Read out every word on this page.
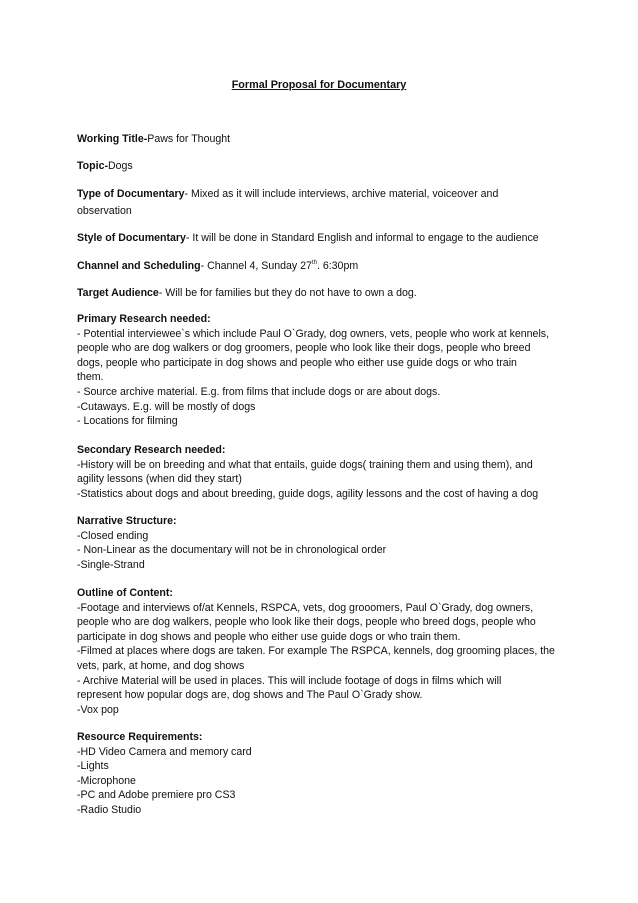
Formal Proposal for Documentary
Working Title-Paws for Thought
Topic-Dogs
Type of Documentary- Mixed as it will include interviews, archive material, voiceover and
observation
Style of Documentary- It will be done in Standard English and informal to engage to the audience
Channel and Scheduling- Channel 4, Sunday 27th. 6:30pm
Target Audience- Will be for families but they do not have to own a dog.
Primary Research needed:
- Potential interviewee`s which include Paul O`Grady, dog owners, vets, people who work at kennels,
people who are dog walkers or dog groomers, people who look like their dogs, people who breed
dogs, people who participate in dog shows and people who either use guide dogs or who train
them.
- Source archive material. E.g. from films that include dogs or are about dogs.
-Cutaways. E.g. will be mostly of dogs
- Locations for filming
Secondary Research needed:
-History will be on breeding and what that entails, guide dogs( training them and using them), and
agility lessons (when did they start)
-Statistics about dogs and about breeding, guide dogs, agility lessons and the cost of having a dog
Narrative Structure:
-Closed ending
- Non-Linear as the documentary will not be in chronological order
-Single-Strand
Outline of Content:
-Footage and interviews of/at Kennels, RSPCA, vets, dog grooomers, Paul O`Grady, dog owners,
people who are dog walkers, people who look like their dogs, people who breed dogs, people who
participate in dog shows and people who either use guide dogs or who train them.
-Filmed at places where dogs are taken. For example The RSPCA, kennels, dog grooming places, the
vets, park, at home, and dog shows
- Archive Material will be used in places. This will include footage of dogs in films which will
represent how popular dogs are, dog shows and The Paul O`Grady show.
-Vox pop
Resource Requirements:
-HD Video Camera and memory card
-Lights
-Microphone
-PC and Adobe premiere pro CS3
-Radio Studio
